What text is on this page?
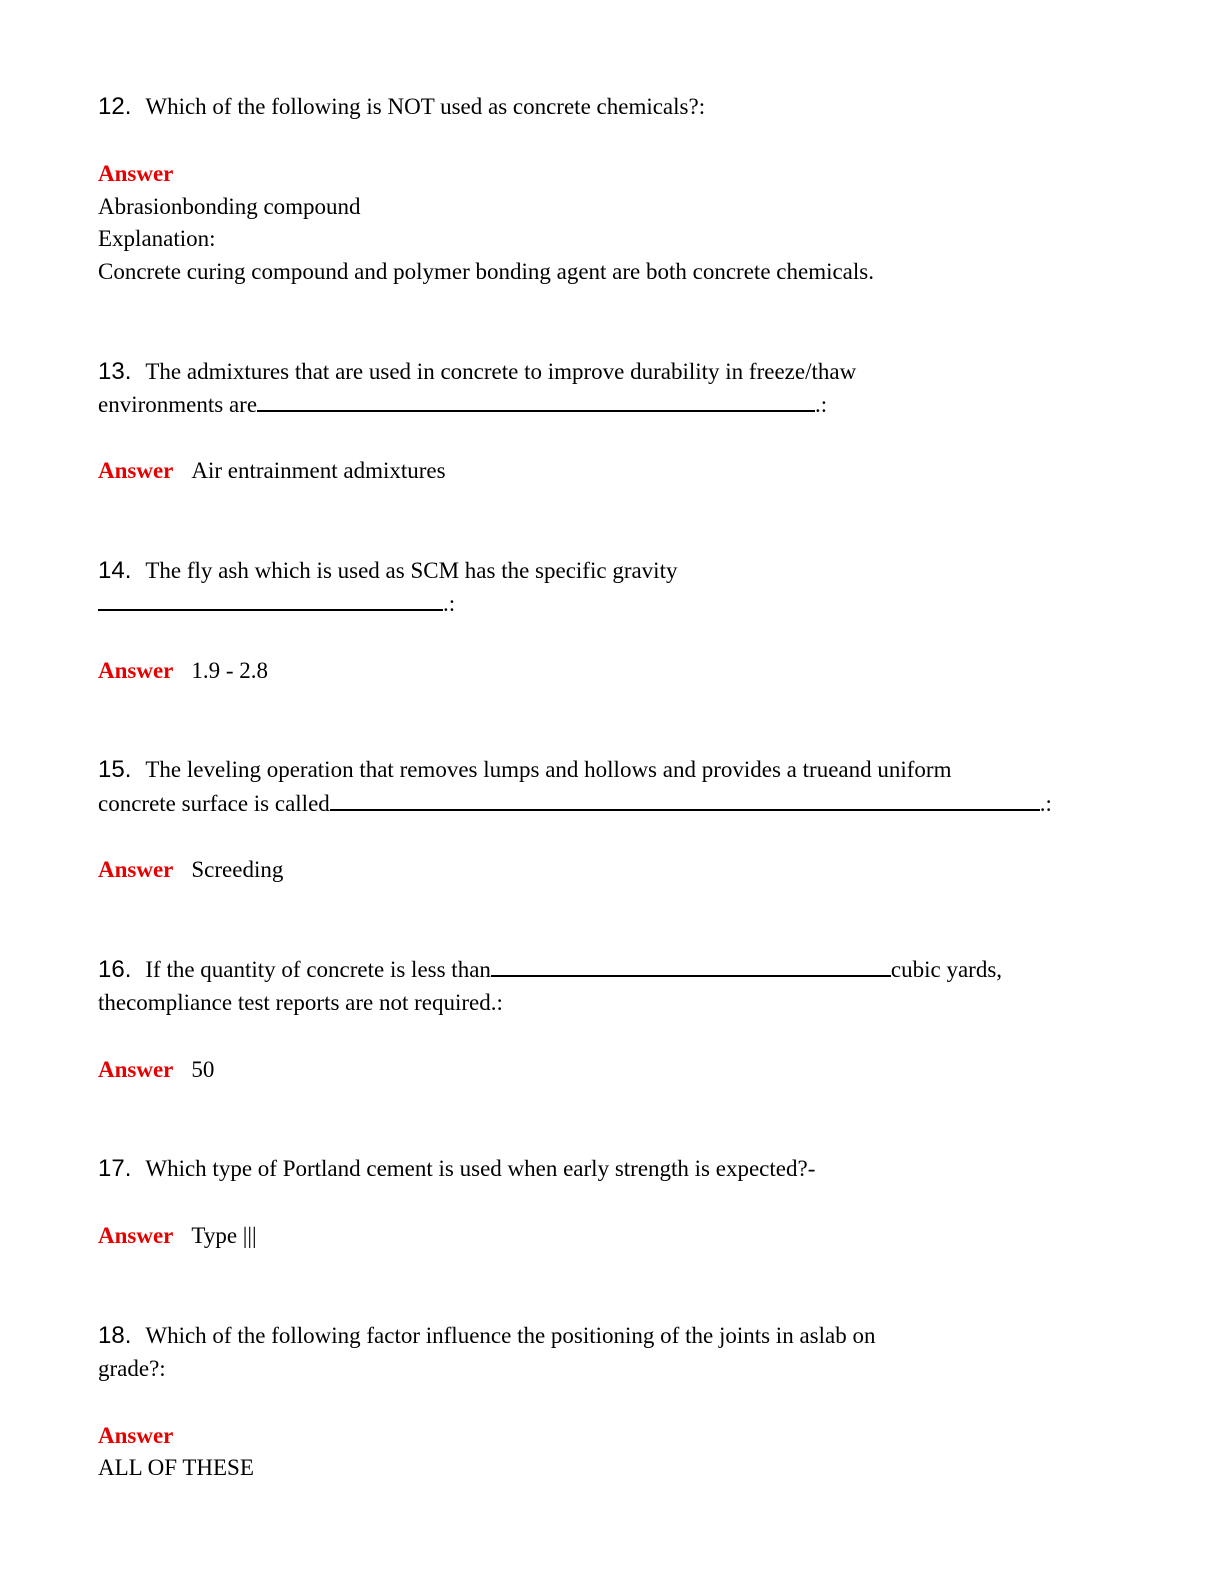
12. Which of the following is NOT used as concrete chemicals?:

Answer

Abrasionbonding compound

Explanation:

Concrete curing compound and polymer bonding agent are both concrete chemicals.

13. The admixtures that are used in concrete to improve durability in freeze/thaw
environments are	.:

Answer Air entrainment admixtures

14. The fly ash which is used as SCM has the specific gravity
.:

Answer 1.9 - 2.8

15. The leveling operation that removes lumps and hollows and provides a trueand uniform
concrete surface is called	.:

Answer Screeding

16. If the quantity of concrete is less than	cubic yards,
thecompliance test reports are not required.:

Answer 50

17. Which type of Portland cement is used when early strength is expected?-

Answer Type |||

18. Which of the following factor influence the positioning of the joints in aslab on
grade?:

Answer

ALL OF THESE
